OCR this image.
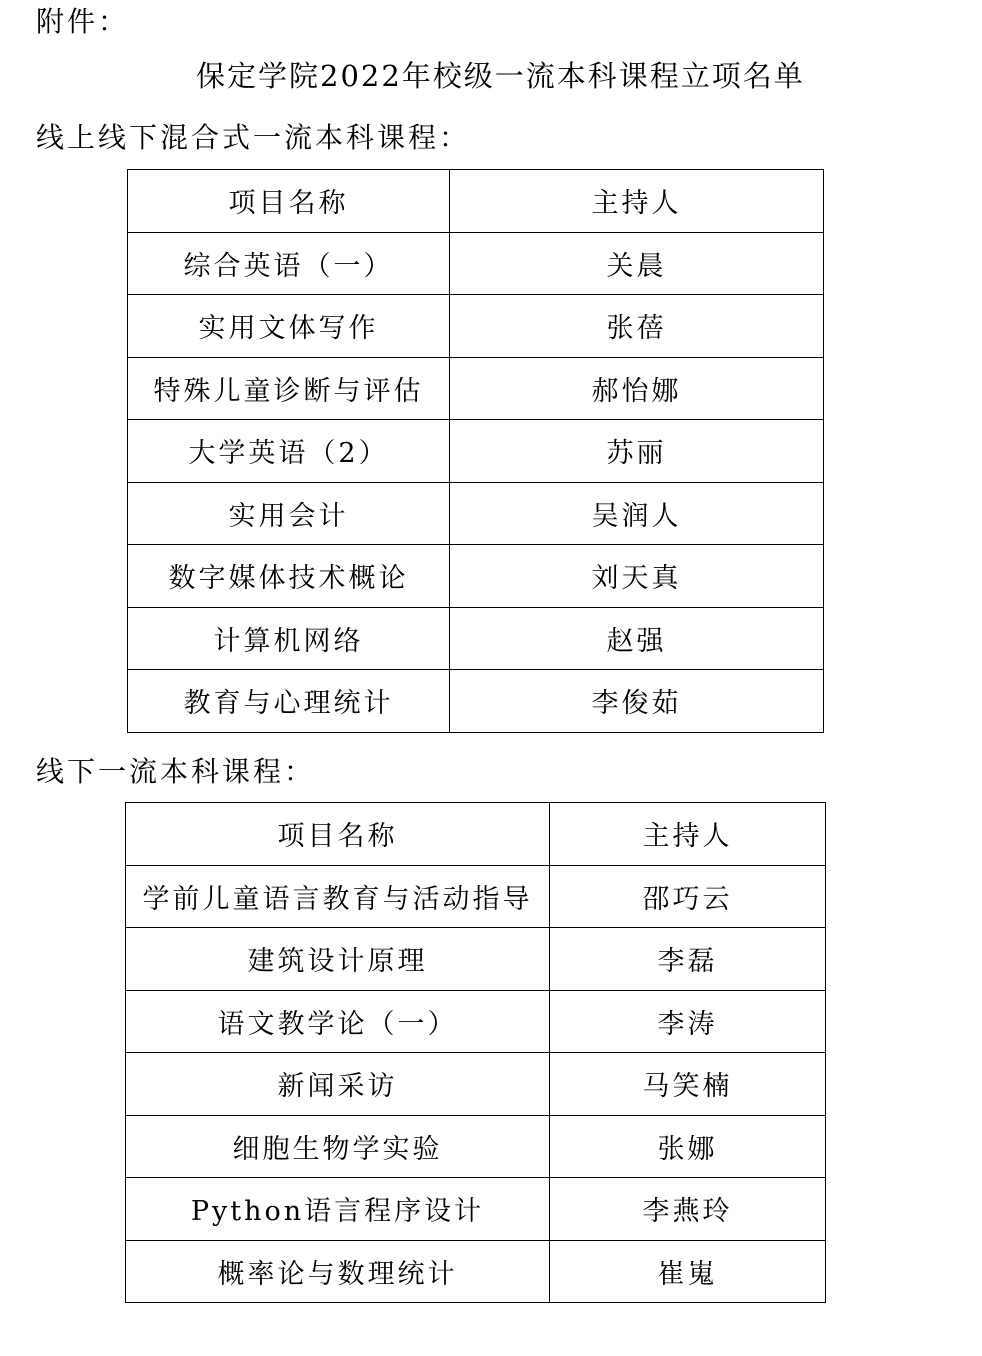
附件：
保定学院2022年校级一流本科课程立项名单
线上线下混合式一流本科课程：
项目名称	主持人
综合英语（一）	关晨
实用文体写作	张蓓
特殊儿童诊断与评估	郝怡娜
大学英语（2）	苏丽
实用会计	吴润人
数字媒体技术概论	刘天真
计算机网络	赵强
教育与心理统计	李俊茹
线下一流本科课程：
项目名称	主持人
学前儿童语言教育与活动指导	邵巧云
建筑设计原理	李磊
语文教学论（一）	李涛
新闻采访	马笑楠
细胞生物学实验	张娜
Python语言程序设计	李燕玲
概率论与数理统计	崔嵬
